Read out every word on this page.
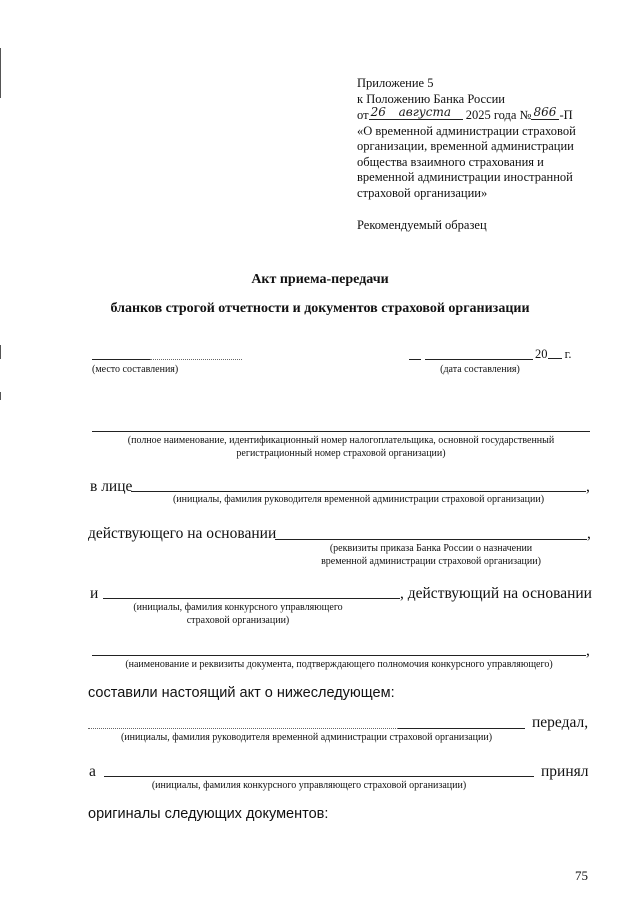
Приложение 5
к Положению Банка России
от 26 августа 2025 года № 866 -П
«О временной администрации страховой
организации, временной администрации
общества взаимного страхования и
временной администрации иностранной
страховой организации»
Рекомендуемый образец
Акт приема-передачи
бланков строгой отчетности и документов страховой организации
(место составления)
20 г.
(дата составления)
(полное наименование, идентификационный номер налогоплательщика, основной государственный
регистрационный номер страховой организации)
в лице	,
(инициалы, фамилия руководителя временной администрации страховой организации)
действующего на основании	,
(реквизиты приказа Банка России о назначении
временной администрации страховой организации)
и	, действующий на основании
(инициалы, фамилия конкурсного управляющего
страховой организации)
,
(наименование и реквизиты документа, подтверждающего полномочия конкурсного управляющего)
составили настоящий акт о нижеследующем:
передал,
(инициалы, фамилия руководителя временной администрации страховой организации)
а	принял
(инициалы, фамилия конкурсного управляющего страховой организации)
оригиналы следующих документов:
75
